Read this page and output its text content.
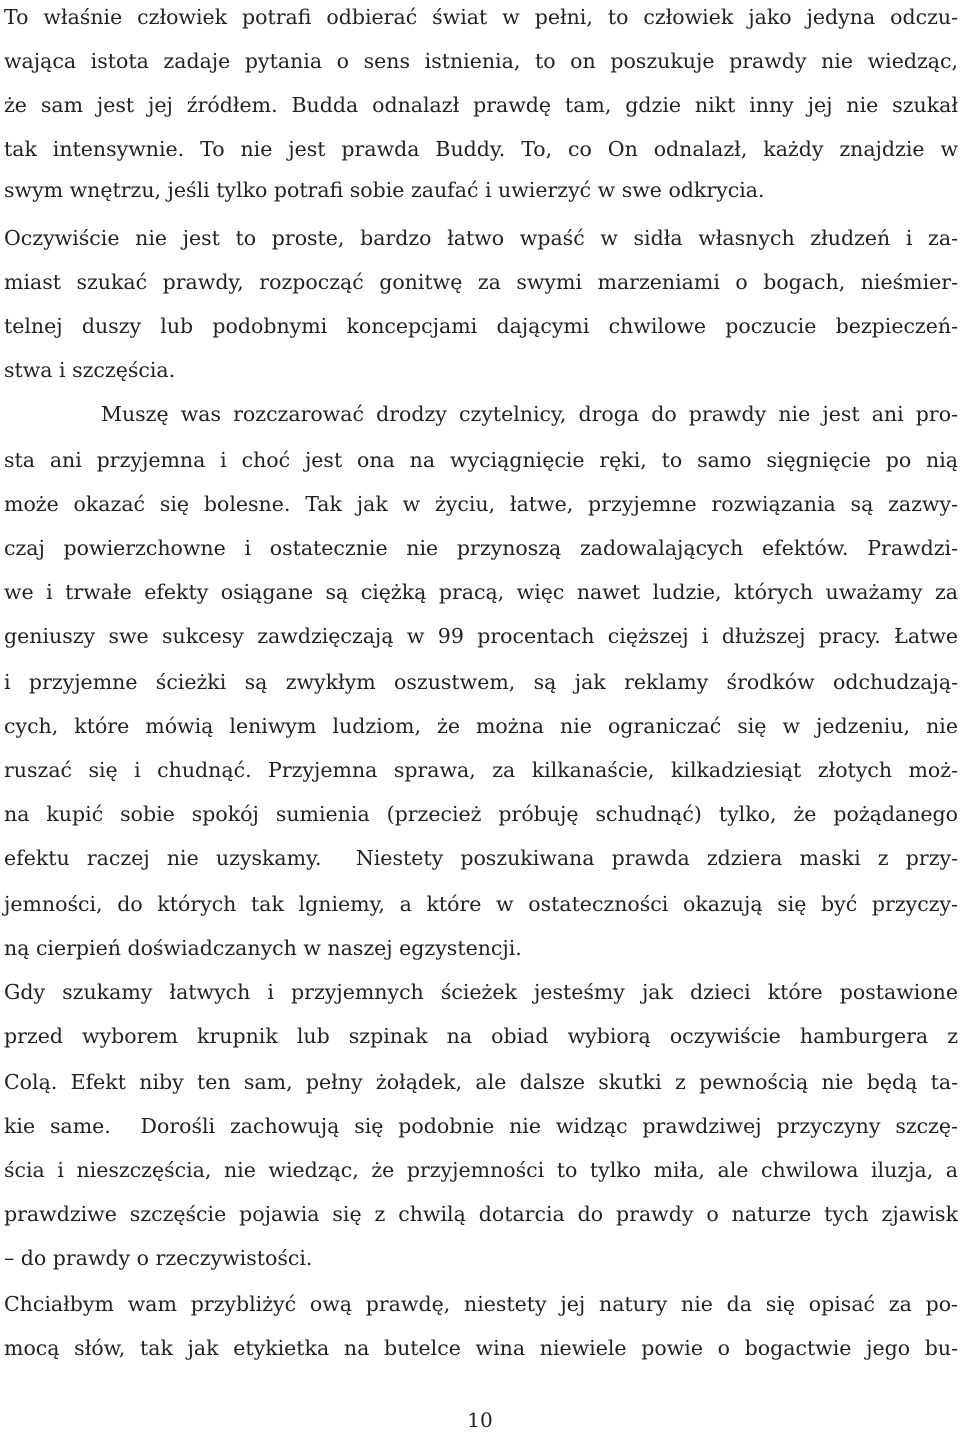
To właśnie człowiek potrafi odbierać świat w pełni, to człowiek jako jedyna odczu-
wająca istota zadaje pytania o sens istnienia, to on poszukuje prawdy nie wiedząc,
że sam jest jej źródłem. Budda odnalazł prawdę tam, gdzie nikt inny jej nie szukał
tak intensywnie. To nie jest prawda Buddy. To, co On odnalazł, każdy znajdzie w
swym wnętrzu, jeśli tylko potrafi sobie zaufać i uwierzyć w swe odkrycia.
Oczywiście nie jest to proste, bardzo łatwo wpaść w sidła własnych złudzeń i za-
miast szukać prawdy, rozpocząć gonitwę za swymi marzeniami o bogach, nieśmier-
telnej duszy lub podobnymi koncepcjami dającymi chwilowe poczucie bezpieczeń-
stwa i szczęścia.
Muszę was rozczarować drodzy czytelnicy, droga do prawdy nie jest ani pro-
sta ani przyjemna i choć jest ona na wyciągnięcie ręki, to samo sięgnięcie po nią
może okazać się bolesne. Tak jak w życiu, łatwe, przyjemne rozwiązania są zazwy-
czaj powierzchowne i ostatecznie nie przynoszą zadowalających efektów. Prawdzi-
we i trwałe efekty osiągane są ciężką pracą, więc nawet ludzie, których uważamy za
geniuszy swe sukcesy zawdzięczają w 99 procentach cięższej i dłuższej pracy. Łatwe
i przyjemne ścieżki są zwykłym oszustwem, są jak reklamy środków odchudzają-
cych, które mówią leniwym ludziom, że można nie ograniczać się w jedzeniu, nie
ruszać się i chudnąć. Przyjemna sprawa, za kilkanaście, kilkadziesiąt złotych moż-
na kupić sobie spokój sumienia (przecież próbuję schudnąć) tylko, że pożądanego
efektu raczej nie uzyskamy.  Niestety poszukiwana prawda zdziera maski z przy-
jemności, do których tak lgniemy, a które w ostateczności okazują się być przyczy-
ną cierpień doświadczanych w naszej egzystencji.
Gdy szukamy łatwych i przyjemnych ścieżek jesteśmy jak dzieci które postawione
przed wyborem krupnik lub szpinak na obiad wybiorą oczywiście hamburgera z
Colą. Efekt niby ten sam, pełny żołądek, ale dalsze skutki z pewnością nie będą ta-
kie same.  Dorośli zachowują się podobnie nie widząc prawdziwej przyczyny szczę-
ścia i nieszczęścia, nie wiedząc, że przyjemności to tylko miła, ale chwilowa iluzja, a
prawdziwe szczęście pojawia się z chwilą dotarcia do prawdy o naturze tych zjawisk
– do prawdy o rzeczywistości.
Chciałbym wam przybliżyć ową prawdę, niestety jej natury nie da się opisać za po-
mocą słów, tak jak etykietka na butelce wina niewiele powie o bogactwie jego bu-
10
